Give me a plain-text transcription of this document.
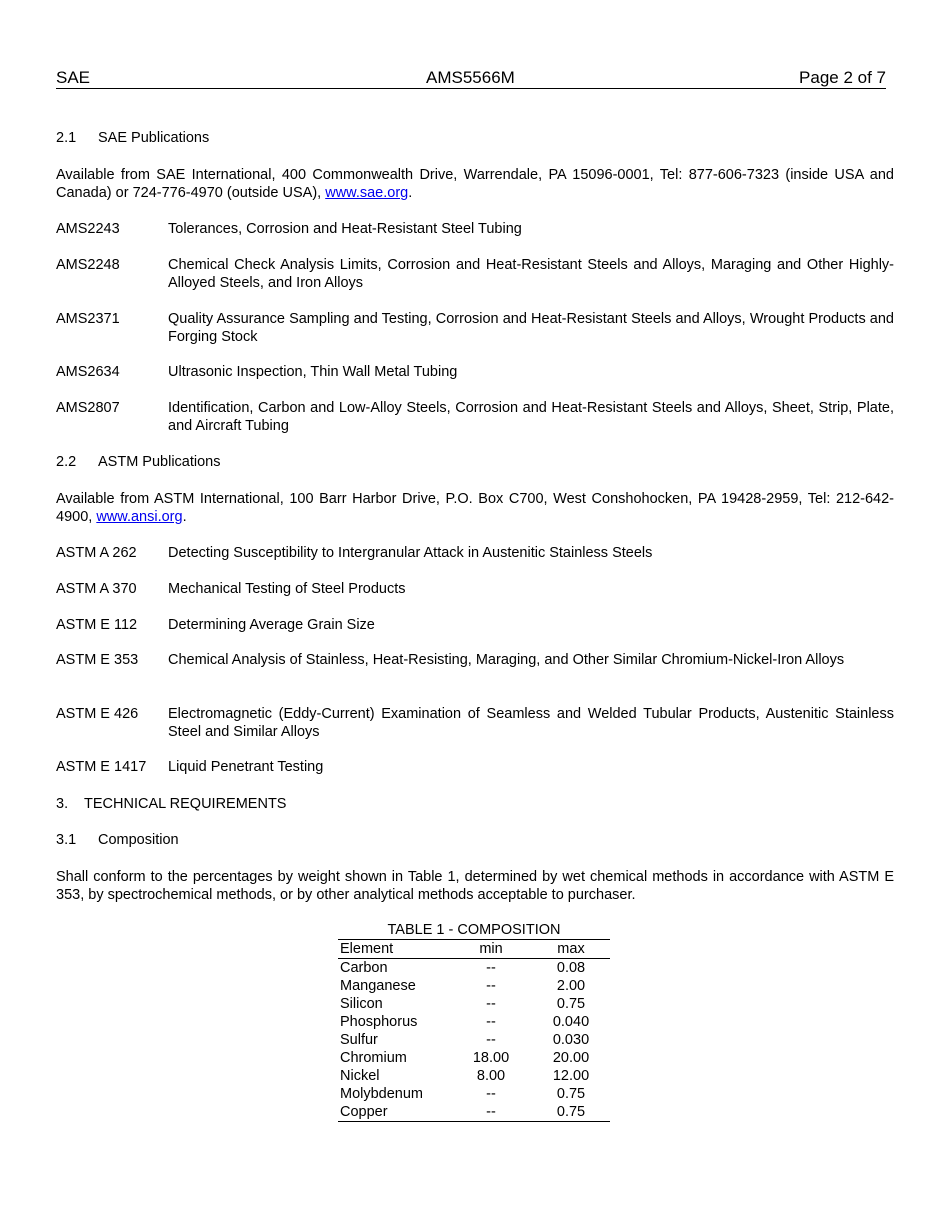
SAE	AMS5566M	Page 2 of 7
2.1 SAE Publications
Available from SAE International, 400 Commonwealth Drive, Warrendale, PA 15096-0001, Tel: 877-606-7323 (inside USA and Canada) or 724-776-4970 (outside USA), www.sae.org.
AMS2243	Tolerances, Corrosion and Heat-Resistant Steel Tubing
AMS2248	Chemical Check Analysis Limits, Corrosion and Heat-Resistant Steels and Alloys, Maraging and Other Highly-Alloyed Steels, and Iron Alloys
AMS2371	Quality Assurance Sampling and Testing, Corrosion and Heat-Resistant Steels and Alloys, Wrought Products and Forging Stock
AMS2634	Ultrasonic Inspection, Thin Wall Metal Tubing
AMS2807	Identification, Carbon and Low-Alloy Steels, Corrosion and Heat-Resistant Steels and Alloys, Sheet, Strip, Plate, and Aircraft Tubing
2.2 ASTM Publications
Available from ASTM International, 100 Barr Harbor Drive, P.O. Box C700, West Conshohocken, PA 19428-2959, Tel: 212-642-4900, www.ansi.org.
ASTM A 262	Detecting Susceptibility to Intergranular Attack in Austenitic Stainless Steels
ASTM A 370	Mechanical Testing of Steel Products
ASTM E 112	Determining Average Grain Size
ASTM E 353	Chemical Analysis of Stainless, Heat-Resisting, Maraging, and Other Similar Chromium-Nickel-Iron Alloys
ASTM E 426	Electromagnetic (Eddy-Current) Examination of Seamless and Welded Tubular Products, Austenitic Stainless Steel and Similar Alloys
ASTM E 1417	Liquid Penetrant Testing
3. TECHNICAL REQUIREMENTS
3.1 Composition
Shall conform to the percentages by weight shown in Table 1, determined by wet chemical methods in accordance with ASTM E 353, by spectrochemical methods, or by other analytical methods acceptable to purchaser.
TABLE 1 - COMPOSITION
Element	min	max
Carbon	--	0.08
Manganese	--	2.00
Silicon	--	0.75
Phosphorus	--	0.040
Sulfur	--	0.030
Chromium	18.00	20.00
Nickel	8.00	12.00
Molybdenum	--	0.75
Copper	--	0.75
